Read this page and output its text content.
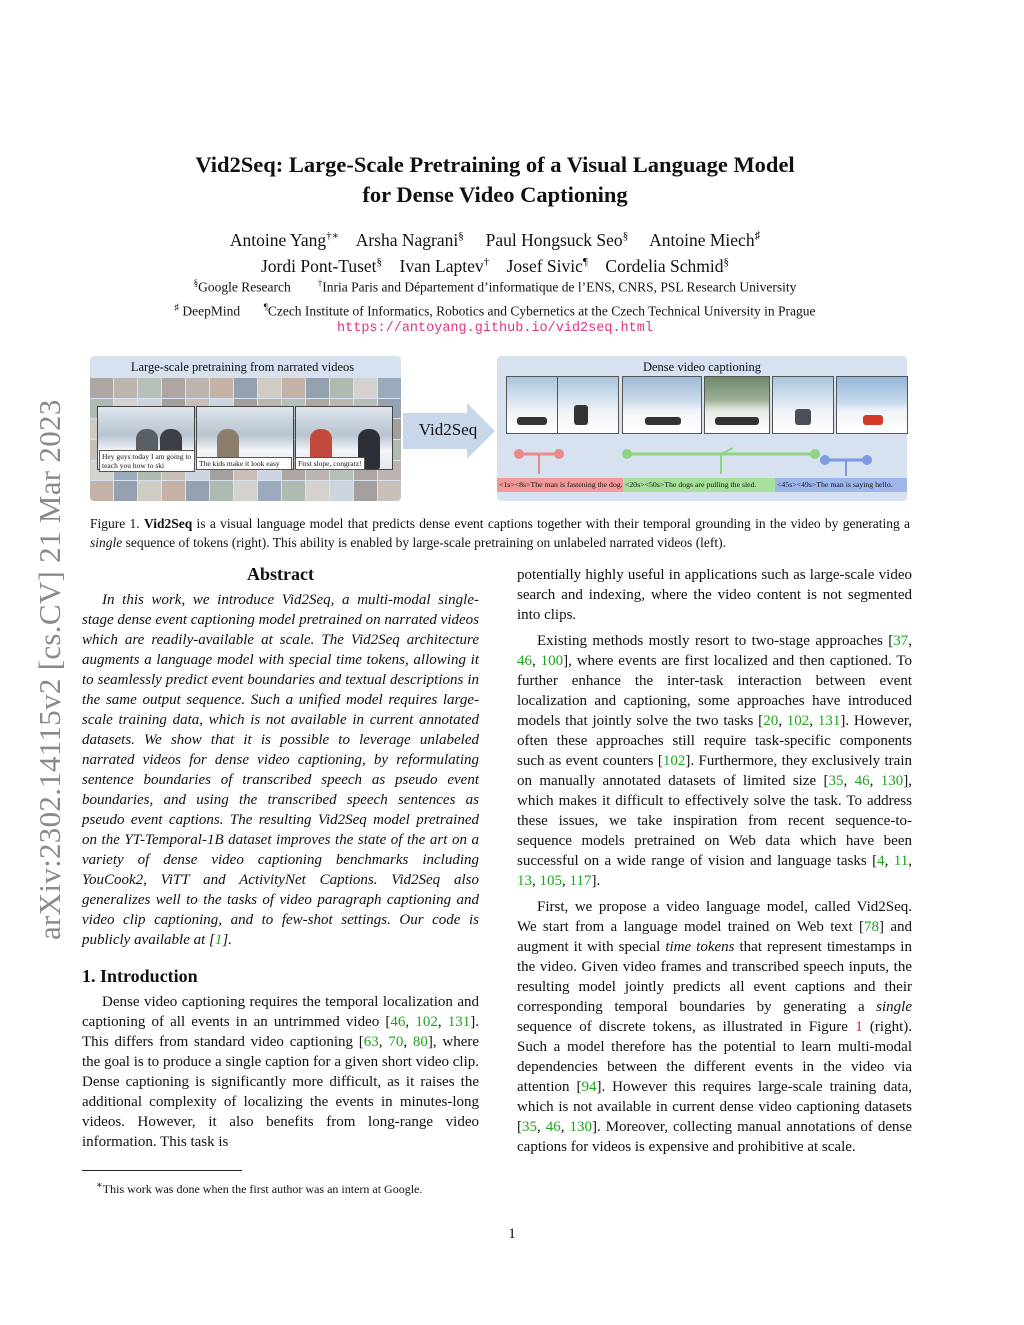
arXiv:2302.14115v2 [cs.CV] 21 Mar 2023
Vid2Seq: Large-Scale Pretraining of a Visual Language Model
for Dense Video Captioning
Antoine Yang†∗ Arsha Nagrani§ Paul Hongsuck Seo§ Antoine Miech♯
Jordi Pont-Tuset§ Ivan Laptev† Josef Sivic¶ Cordelia Schmid§
§Google Research	†Inria Paris and Département d’informatique de l’ENS, CNRS, PSL Research University
♯ DeepMind	¶Czech Institute of Informatics, Robotics and Cybernetics at the Czech Technical University in Prague
https://antoyang.github.io/vid2seq.html
Large-scale pretraining from narrated videos
Hey guys today I am going to teach you how to ski	The kids make it look easy	First slope, congratz!
Vid2Seq
Dense video captioning
<1s><8s>The man is fastening the dog. <20s><50s>The dogs are pulling the sled.	<45s><49s>The man is saying hello.
Figure 1. Vid2Seq is a visual language model that predicts dense event captions together with their temporal grounding in the video by generating a single sequence of tokens (right). This ability is enabled by large-scale pretraining on unlabeled narrated videos (left).

Abstract

In this work, we introduce Vid2Seq, a multi-modal single-stage dense event captioning model pretrained on narrated videos which are readily-available at scale. The Vid2Seq architecture augments a language model with special time tokens, allowing it to seamlessly predict event boundaries and textual descriptions in the same output sequence. Such a unified model requires large-scale training data, which is not available in current annotated datasets. We show that it is possible to leverage unlabeled narrated videos for dense video captioning, by reformulating sentence boundaries of transcribed speech as pseudo event boundaries, and using the transcribed speech sentences as pseudo event captions. The resulting Vid2Seq model pretrained on the YT-Temporal-1B dataset improves the state of the art on a variety of dense video captioning benchmarks including YouCook2, ViTT and ActivityNet Captions. Vid2Seq also generalizes well to the tasks of video paragraph captioning and video clip captioning, and to few-shot settings. Our code is publicly available at [1].

1. Introduction

Dense video captioning requires the temporal localization and captioning of all events in an untrimmed video [46, 102, 131]. This differs from standard video captioning [63, 70, 80], where the goal is to produce a single caption for a given short video clip. Dense captioning is significantly more difficult, as it raises the additional complexity of localizing the events in minutes-long videos. However, it also benefits from long-range video information. This task is

∗This work was done when the first author was an intern at Google.

potentially highly useful in applications such as large-scale video search and indexing, where the video content is not segmented into clips.

Existing methods mostly resort to two-stage approaches [37, 46, 100], where events are first localized and then captioned. To further enhance the inter-task interaction between event localization and captioning, some approaches have introduced models that jointly solve the two tasks [20, 102, 131]. However, often these approaches still require task-specific components such as event counters [102]. Furthermore, they exclusively train on manually annotated datasets of limited size [35, 46, 130], which makes it difficult to effectively solve the task. To address these issues, we take inspiration from recent sequence-to-sequence models pretrained on Web data which have been successful on a wide range of vision and language tasks [4, 11, 13, 105, 117].

First, we propose a video language model, called Vid2Seq. We start from a language model trained on Web text [78] and augment it with special time tokens that represent timestamps in the video. Given video frames and transcribed speech inputs, the resulting model jointly predicts all event captions and their corresponding temporal boundaries by generating a single sequence of discrete tokens, as illustrated in Figure 1 (right). Such a model therefore has the potential to learn multi-modal dependencies between the different events in the video via attention [94]. However this requires large-scale training data, which is not available in current dense video captioning datasets [35, 46, 130]. Moreover, collecting manual annotations of dense captions for videos is expensive and prohibitive at scale.

1
